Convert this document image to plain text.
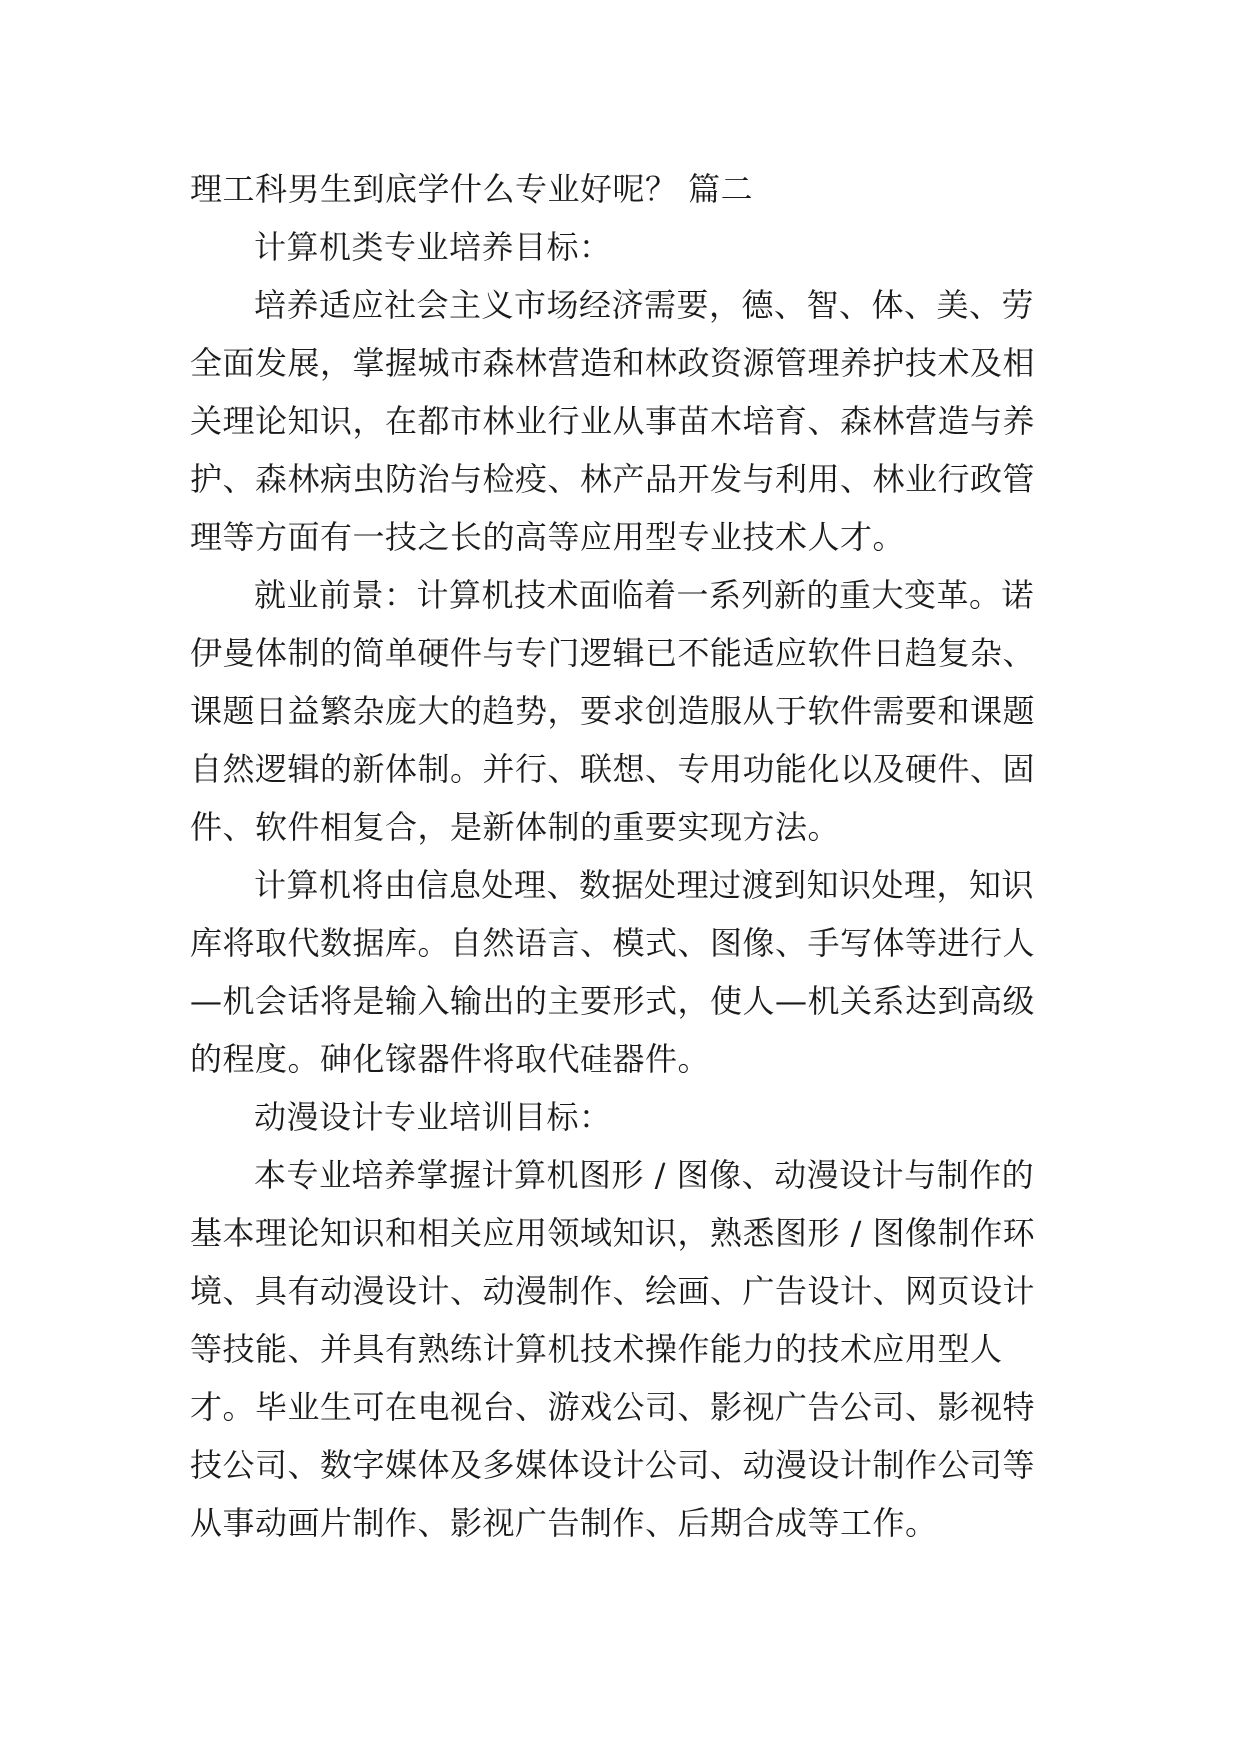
理工科男生到底学什么专业好呢？ 篇二

计算机类专业培养目标：

培养适应社会主义市场经济需要，德、智、体、美、劳全面发展，掌握城市森林营造和林政资源管理养护技术及相关理论知识，在都市林业行业从事苗木培育、森林营造与养护、森林病虫防治与检疫、林产品开发与利用、林业行政管理等方面有一技之长的高等应用型专业技术人才。

就业前景：计算机技术面临着一系列新的重大变革。诺伊曼体制的简单硬件与专门逻辑已不能适应软件日趋复杂、课题日益繁杂庞大的趋势，要求创造服从于软件需要和课题自然逻辑的新体制。并行、联想、专用功能化以及硬件、固件、软件相复合，是新体制的重要实现方法。

计算机将由信息处理、数据处理过渡到知识处理，知识库将取代数据库。自然语言、模式、图像、手写体等进行人—机会话将是输入输出的主要形式，使人—机关系达到高级的程度。砷化镓器件将取代硅器件。

动漫设计专业培训目标：

本专业培养掌握计算机图形 / 图像、动漫设计与制作的基本理论知识和相关应用领域知识，熟悉图形 / 图像制作环境、具有动漫设计、动漫制作、绘画、广告设计、网页设计等技能、并具有熟练计算机技术操作能力的技术应用型人才。毕业生可在电视台、游戏公司、影视广告公司、影视特技公司、数字媒体及多媒体设计公司、动漫设计制作公司等从事动画片制作、影视广告制作、后期合成等工作。
